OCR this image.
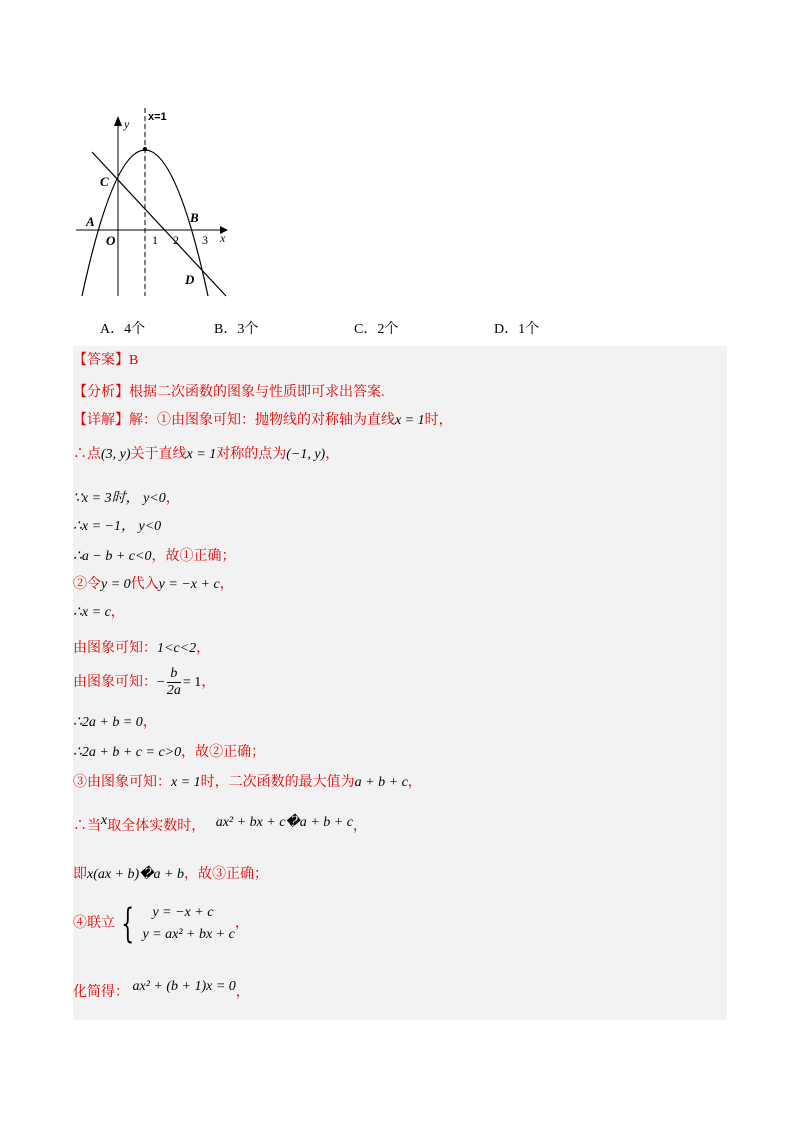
x=1
y
x
C
A
O
B
D
1 2 3
A．4个	B．3个	C．2个	D．1个
【答案】B
【分析】根据二次函数的图象与性质即可求出答案.
【详解】解：①由图象可知：抛物线的对称轴为直线x = 1时，
∴点(3, y)关于直线x = 1对称的点为(−1, y)，
∵x = 3时， y<0，
∴x = −1， y<0
∴a − b + c<0，故①正确；
②令y = 0代入y = −x + c，
∴x = c，
由图象可知：1<c<2，
由图象可知：− $\frac{b}{2a} = 1$，
∴2a + b = 0，
∴2a + b + c = c>0，故②正确；
③由图象可知：x = 1时，二次函数的最大值为a + b + c，
∴当x取全体实数时， ax² + bx + c�a + b + c，
即x(ax + b)�a + b，故③正确；
④联立 {	y = −x + c
y = ax² + bx + c
，
化简得： ax² + (b + 1)x = 0，
